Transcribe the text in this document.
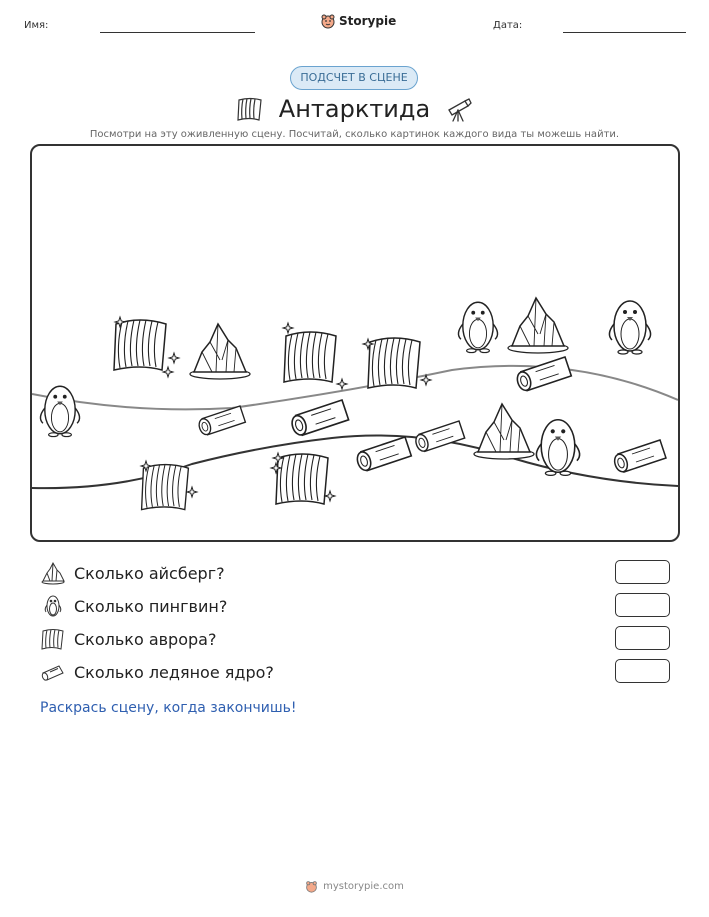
Имя:	Storypie	Дата:
ПОДСЧЕТ В СЦЕНЕ
Антарктида
Посмотри на эту оживленную сцену. Посчитай, сколько картинок каждого вида ты можешь найти.
Сколько айсберг?
Сколько пингвин?
Сколько аврора?
Сколько ледяное ядро?
Раскрась сцену, когда закончишь!
mystorypie.com
